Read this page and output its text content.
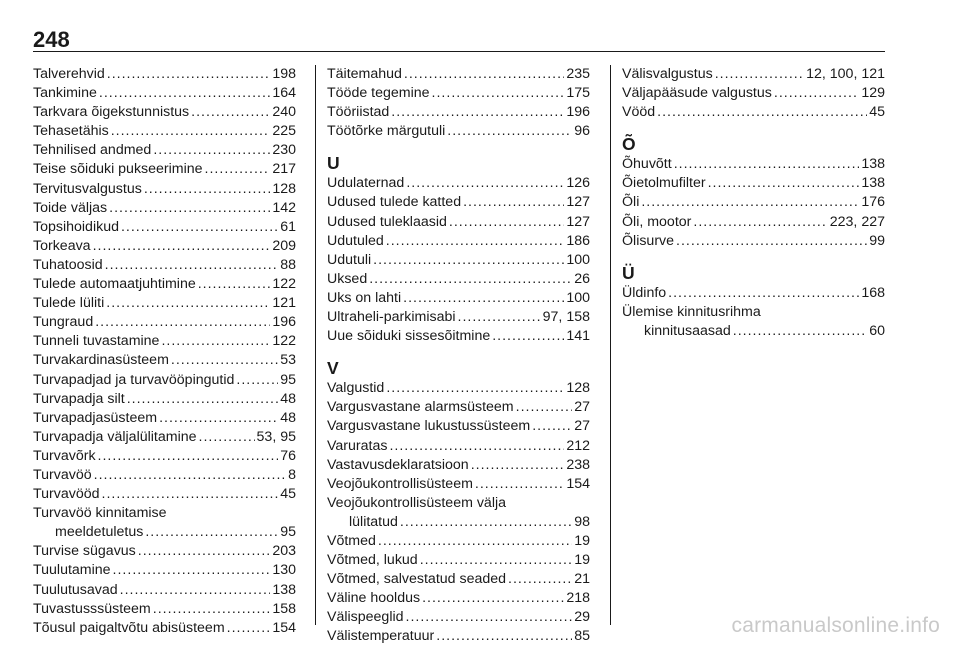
248
Talverehvid .....	198
Tankimine .....	164
Tarkvara õigekstunnistus .....	240
Tehasetähis .....	225
Tehnilised andmed .....	230
Teise sõiduki pukseerimine .....	217
Tervitusvalgustus .....	128
Toide väljas .....	142
Topsihoidikud .....	61
Torkeava .....	209
Tuhatoosid .....	88
Tulede automaatjuhtimine .....	122
Tulede lüliti .....	121
Tungraud .....	196
Tunneli tuvastamine .....	122
Turvakardinasüsteem .....	53
Turvapadjad ja turvavööpingutid .....	95
Turvapadja silt .....	48
Turvapadjasüsteem .....	48
Turvapadja väljalülitamine .....	53, 95
Turvavõrk .....	76
Turvavöö .....	8
Turvavööd .....	45
Turvavöö kinnitamise
meeldetuletus .....	95
Turvise sügavus .....	203
Tuulutamine .....	130
Tuulutusavad .....	138
Tuvastusssüsteem .....	158
Tõusul paigaltvõtu abisüsteem .....	154
Täitemahud .....	235
Tööde tegemine .....	175
Tööriistad .....	196
Töötõrke märgutuli .....	96
U
Udulaternad .....	126
Udused tulede katted .....	127
Udused tuleklaasid .....	127
Udutuled .....	186
Udutuli .....	100
Uksed .....	26
Uks on lahti .....	100
Ultraheli-parkimisabi .....	97, 158
Uue sõiduki sissesõitmine .....	141
V
Valgustid .....	128
Vargusvastane alarmsüsteem .....	27
Vargusvastane lukustussüsteem .....	27
Varuratas .....	212
Vastavusdeklaratsioon .....	238
Veojõukontrollisüsteem .....	154
Veojõukontrollisüsteem välja
lülitatud .....	98
Võtmed .....	19
Võtmed, lukud .....	19
Võtmed, salvestatud seaded .....	21
Väline hooldus .....	218
Välispeeglid .....	29
Välistemperatuur .....	85
Välisvalgustus .....	12, 100, 121
Väljapääsude valgustus .....	129
Vööd .....	45
Õ
Õhuvõtt .....	138
Õietolmufilter .....	138
Õli .....	176
Õli, mootor .....	223, 227
Õlisurve .....	99
Ü
Üldinfo .....	168
Ülemise kinnitusrihma
kinnitusaasad .....	60
carmanualsonline.info
